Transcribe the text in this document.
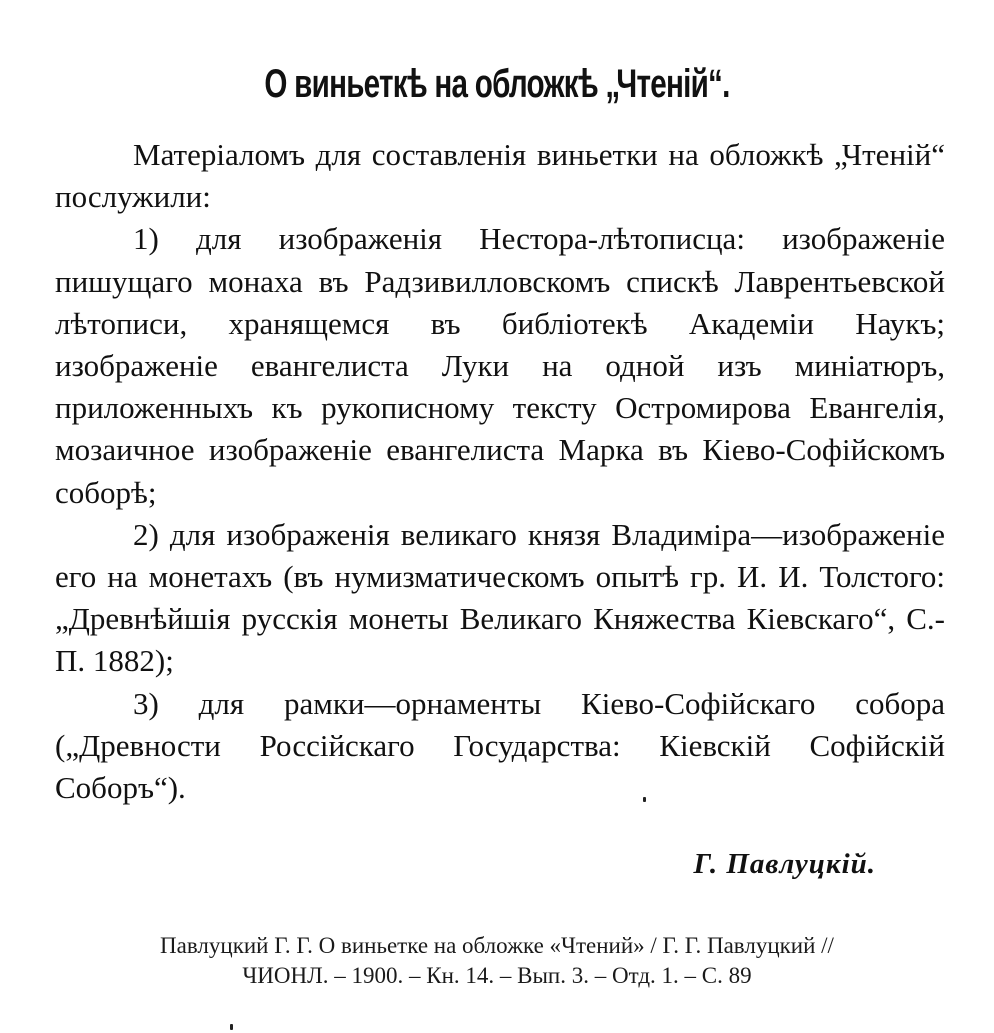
О виньеткѣ на обложкѣ „Чтеній“.

Матеріаломъ для составленія виньетки на обложкѣ „Чтеній“ послужили:

1) для изображенія Нестора-лѣтописца: изображеніе пишущаго монаха въ Радзивилловскомъ спискѣ Лаврентьевской лѣтописи, хранящемся въ библіотекѣ Академіи Наукъ; изображеніе евангелиста Луки на одной изъ миніатюръ, приложенныхъ къ рукописному тексту Остромирова Евангелія, мозаичное изображеніе евангелиста Марка въ Кіево-Софійскомъ соборѣ;

2) для изображенія великаго князя Владиміра—изображеніе его на монетахъ (въ нумизматическомъ опытѣ гр. И. И. Толстого: „Древнѣйшія русскія монеты Великаго Княжества Кіевскаго“, С.-П. 1882);

3) для рамки—орнаменты Кіево-Софійскаго собора („Древности Россійскаго Государства: Кіевскій Софійскій Соборъ“).

Г. Павлуцкій.
Павлуцкий Г. Г. О виньетке на обложке «Чтений» / Г. Г. Павлуцкий //
ЧИОНЛ. – 1900. – Кн. 14. – Вып. 3. – Отд. 1. – С. 89
